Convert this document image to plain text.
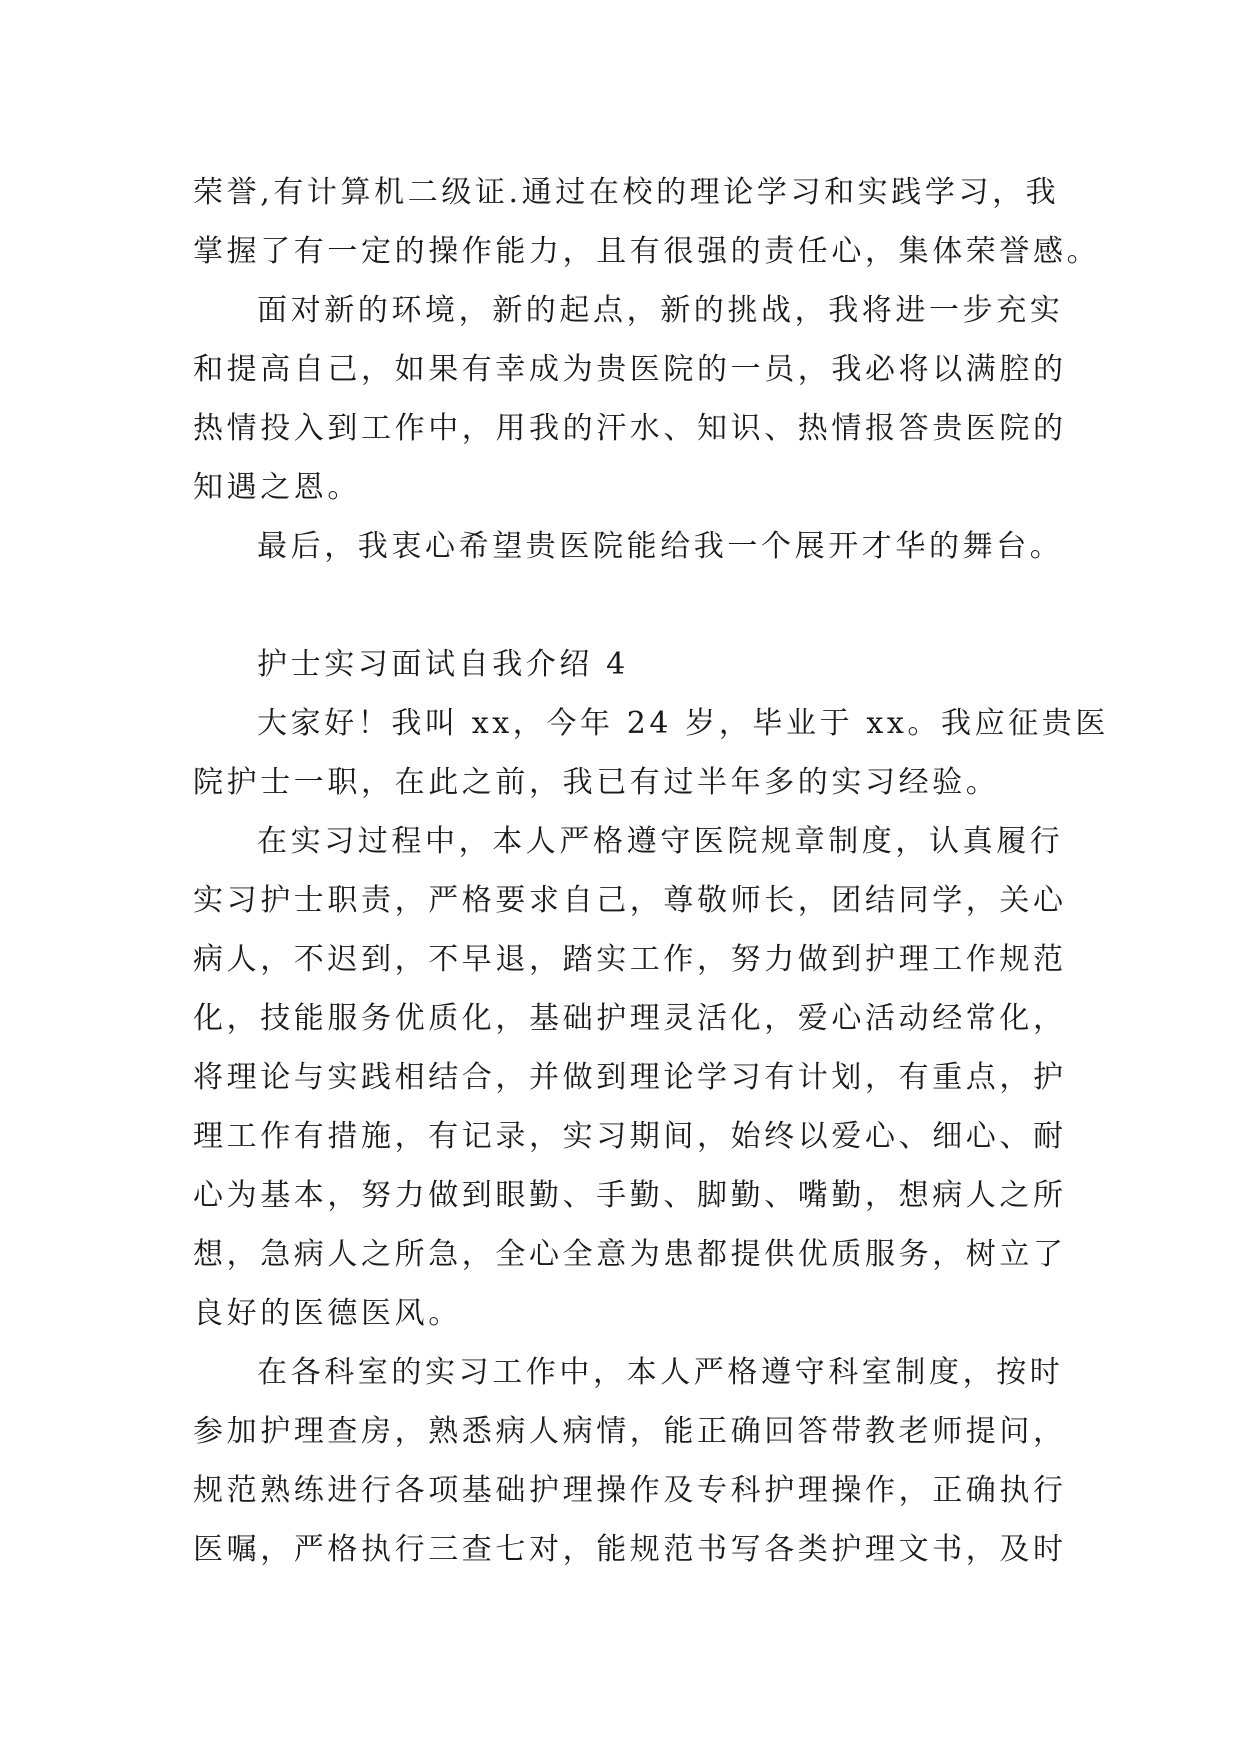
荣誉,有计算机二级证.通过在校的理论学习和实践学习，我
掌握了有一定的操作能力，且有很强的责任心，集体荣誉感。

面对新的环境，新的起点，新的挑战，我将进一步充实
和提高自己，如果有幸成为贵医院的一员，我必将以满腔的
热情投入到工作中，用我的汗水、知识、热情报答贵医院的
知遇之恩。

最后，我衷心希望贵医院能给我一个展开才华的舞台。

护士实习面试自我介绍 4

大家好！我叫 xx，今年 24 岁，毕业于 xx。我应征贵医
院护士一职，在此之前，我已有过半年多的实习经验。

在实习过程中，本人严格遵守医院规章制度，认真履行
实习护士职责，严格要求自己，尊敬师长，团结同学，关心
病人，不迟到，不早退，踏实工作，努力做到护理工作规范
化，技能服务优质化，基础护理灵活化，爱心活动经常化，
将理论与实践相结合，并做到理论学习有计划，有重点，护
理工作有措施，有记录，实习期间，始终以爱心、细心、耐
心为基本，努力做到眼勤、手勤、脚勤、嘴勤，想病人之所
想，急病人之所急，全心全意为患都提供优质服务，树立了
良好的医德医风。

在各科室的实习工作中，本人严格遵守科室制度，按时
参加护理查房，熟悉病人病情，能正确回答带教老师提问，
规范熟练进行各项基础护理操作及专科护理操作，正确执行
医嘱，严格执行三查七对，能规范书写各类护理文书，及时
